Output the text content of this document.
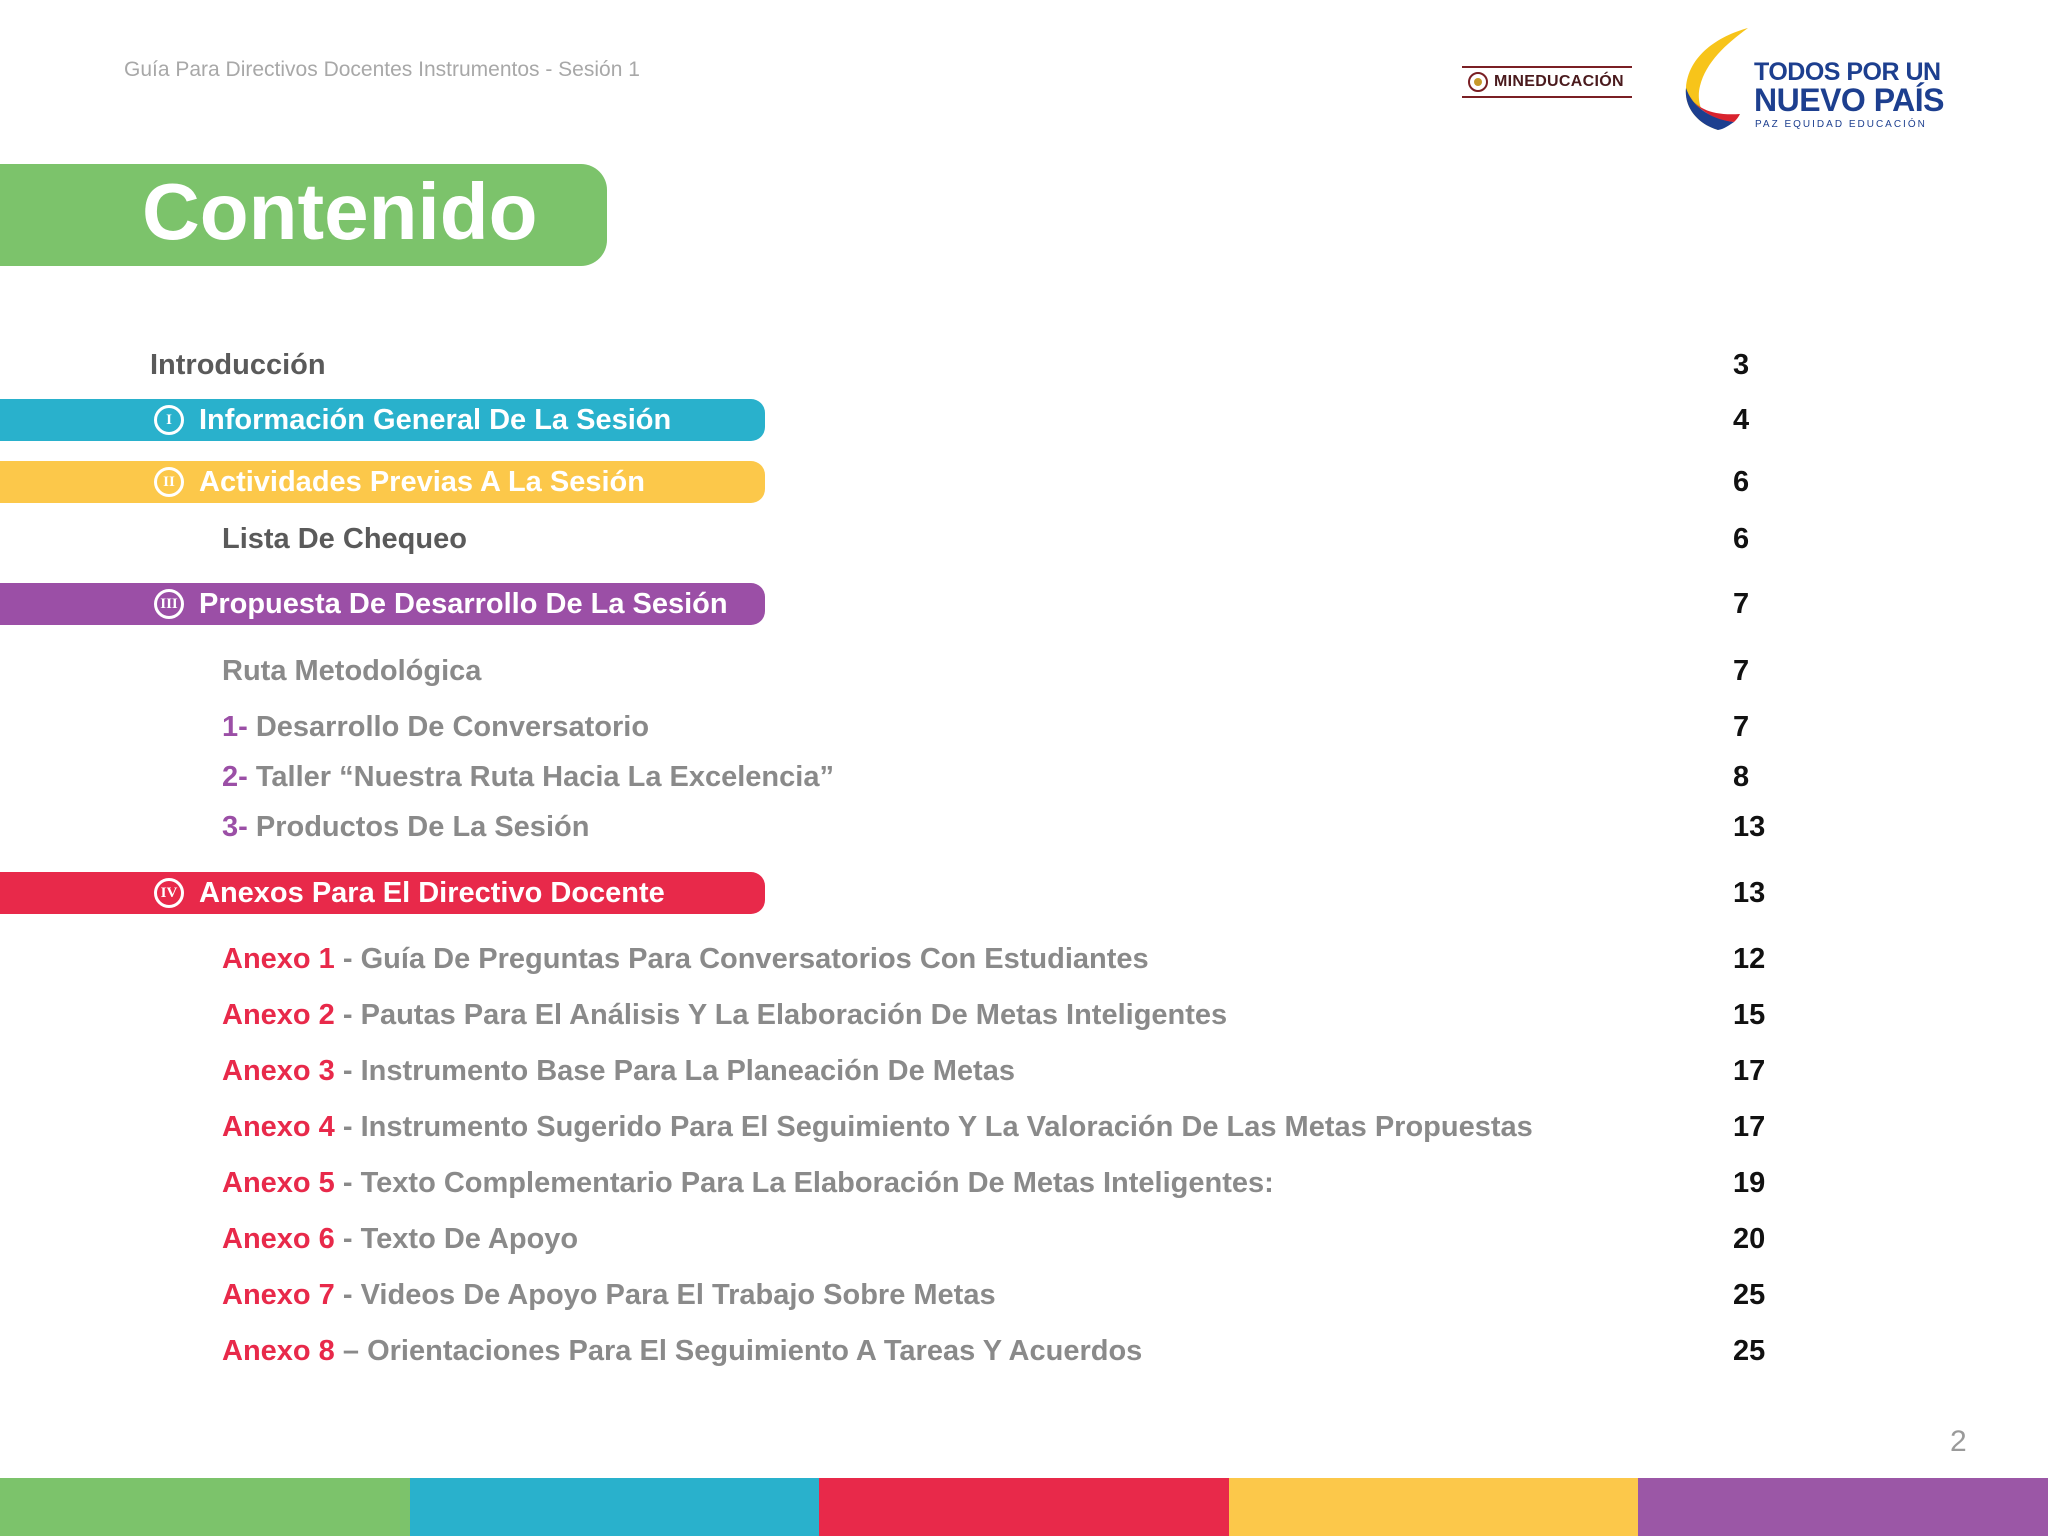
Guía Para Directivos Docentes Instrumentos - Sesión 1
MINEDUCACIÓN	TODOS POR UN
NUEVO PAÍS
PAZ EQUIDAD EDUCACIÓN
Contenido
Introducción	3
I Información General De La Sesión	4
II Actividades Previas A La Sesión	6
Lista De Chequeo	6
III Propuesta De Desarrollo De La Sesión	7
Ruta Metodológica	7
1- Desarrollo De Conversatorio	7
2- Taller “Nuestra Ruta Hacia La Excelencia”	8
3- Productos De La Sesión	13
IV Anexos Para El Directivo Docente	13
Anexo 1 - Guía De Preguntas Para Conversatorios Con Estudiantes	12
Anexo 2 - Pautas Para El Análisis Y La Elaboración De Metas Inteligentes	15
Anexo 3 - Instrumento Base Para La Planeación De Metas	17
Anexo 4 - Instrumento Sugerido Para El Seguimiento Y La Valoración De Las Metas Propuestas	17
Anexo 5 - Texto Complementario Para La Elaboración De Metas Inteligentes:	19
Anexo 6 - Texto De Apoyo	20
Anexo 7 - Videos De Apoyo Para El Trabajo Sobre Metas	25
Anexo 8 – Orientaciones Para El Seguimiento A Tareas Y Acuerdos	25
2
